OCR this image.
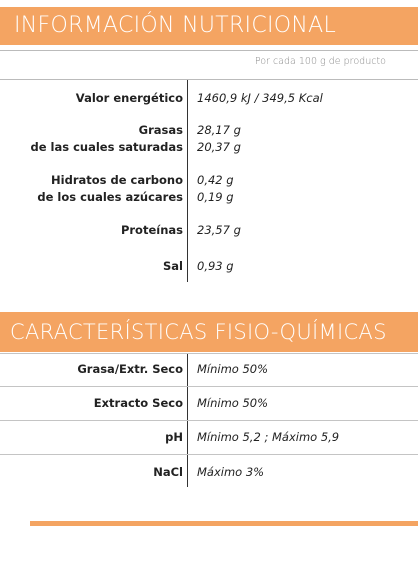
INFORMACIÓN NUTRICIONAL
Por cada 100 g de producto
Valor energético 1460,9 kJ / 349,5 Kcal
Grasas 28,17 g
de las cuales saturadas 20,37 g
Hidratos de carbono 0,42 g
de los cuales azúcares 0,19 g
Proteínas 23,57 g
Sal 0,93 g
CARACTERÍSTICAS FISIO-QUÍMICAS
Grasa/Extr. Seco Mínimo 50%
Extracto Seco Mínimo 50%
pH Mínimo 5,2 ; Máximo 5,9
NaCl Máximo 3%
